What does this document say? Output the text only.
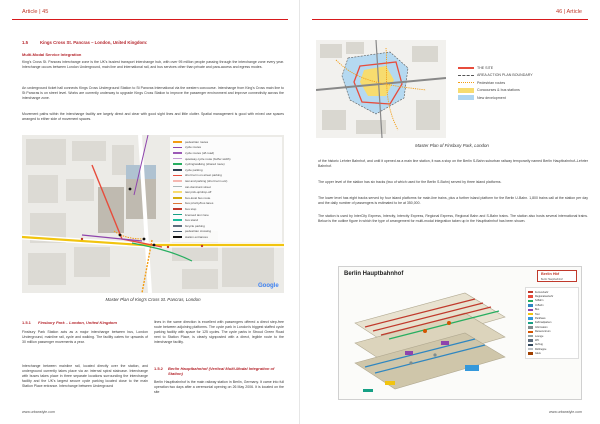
Article | 45
1.5	Kings Cross St. Pancras – London, United Kingdom:
Multi-Modal Service Integration
King's Cross St. Pancras interchange zone is the UK's busiest transport interchange hub, with over 95 million people passing through the interchange zone every year. Interchange occurs between London Underground, main line and international rail, and bus services other than private and para-access and egress modes.
An underground ticket hall connects Kings Cross Underground Station to St Pancras International via the western concourse. Interchange from King's Cross main line to St Pancras is on street level. Works are currently underway to upgrade Kings Cross Station to improve the passenger environment and improve connectivity across the interchange zone.
Movement paths within the interchange facility are largely direct and clear with good sight lines and little clutter. Spatial management is good with mixed use spaces arranged to either side of movement spaces.
pedestrian routes
cycle routes
cycle routes (off-road)
quietway cycle route (buffer width)
cycling/walking (shared route)
cycle parking
short term on-street parking
taxi and parking (short term etc)
car-dominant street
taxi pick-up/drop-off
bus-local bus route
bus priority/bus lanes
bus stop
licensed taxi zone
bus stand
bicycle parking
pedestrian crossing
station entrances
Google
Master Plan of King's Cross St. Pancras, London
1.5.1 Finsbury Park – London, United Kingdom
Finsbury Park Station acts as a major interchange between bus, London Underground, mainline rail, cycle and walking. The facility caters for upwards of 30 million passenger movements a year.
Interchange between mainline rail, located directly over the station, and underground currently takes place via an internal spiral staircase. Interchange with buses takes place in three separate locations surrounding the interchange facility and the UK's largest secure cycle parking located close to the main Station Place entrance. Interchange between Underground
lines in the same direction is excellent with passengers offered a direct step-free route between adjoining platforms. The cycle park in London's biggest staffed cycle parking facility with space for 125 cycles. The cycle parks in Stroud Green Road next to Station Place, is clearly signposted with a direct, legible route to the interchange facility.
1.5.2 Berlin Hauptbahnhof (Vertical Multi-Modal Integration of Station)
Berlin Hauptbahnhof is the main railway station in Berlin, Germany. It came into full operation two days after a ceremonial opening on 26 May 2006. It is located on the site
www.urbanstyle.com
46 | Article
THE SITE
AREA ACTION PLAN BOUNDARY
Pedestrian routes
Concourses & bus stations
New development
Master Plan of Finsbury Park, London
of the historic Lehrter Bahnhof, and until it opened as a main line station, it was a stop on the Berlin S-Bahn suburban railway temporarily named Berlin Hauptbahnhof–Lehrter Bahnhof.
The upper level of the station has six tracks (two of which used for the Berlin S-Bahn) served by three island platforms.
The lower level has eight tracks served by four island platforms for main-line trains, plus a further island platform for the Berlin U-Bahn. 1,800 trains call at the station per day and the daily number of passengers is estimated to be at 350,000.
The station is used by InterCity Express, Intercity, Intercity Express, Regional Express, Regional Bahn and S-Bahn trains. The station also hosts several international trains. Below is the outline figure in which the type of arrangement for multi-modal integration taken up in the Hauptbahnhof has been shown.
Berlin Hauptbahnhof	Berlin Hbf
Berlin Hauptbahnhof
Fernverkehr
Regionalverkehr
S-Bahn
U-Bahn
Bus
Taxi
Parkhaus
Fahrradparken
Information
Reisezentrum
Lounge
WC
Aufzug
Rolltreppe
Gleis
www.urbanstyle.com
